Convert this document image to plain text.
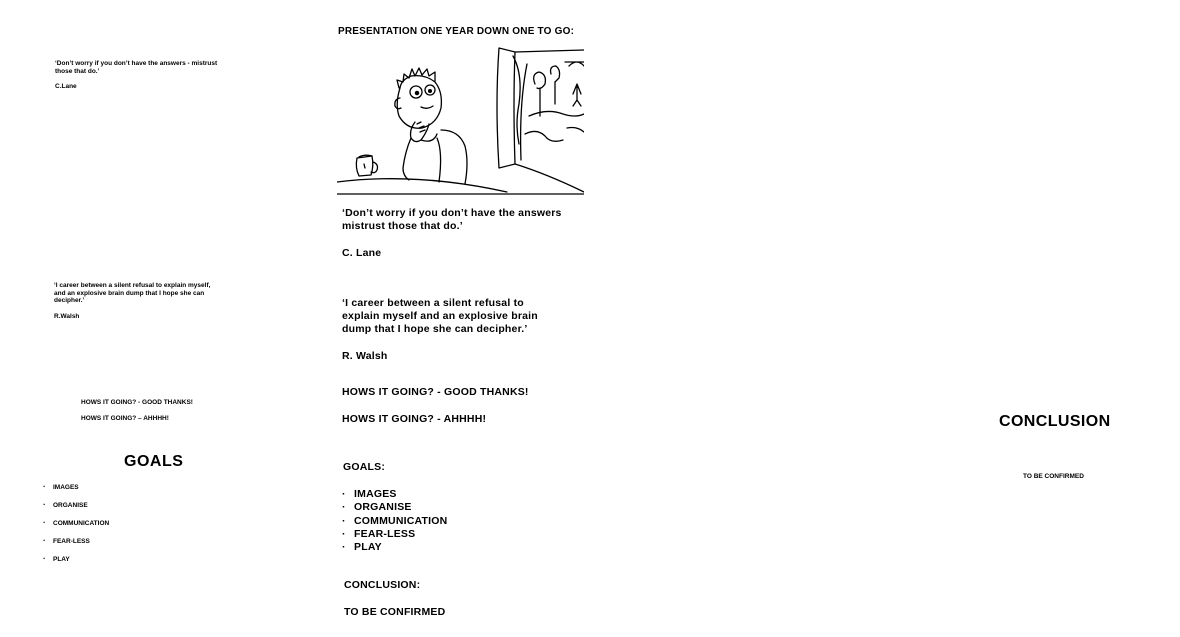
‘Don’t worry if you don’t have the answers - mistrust those that do.’
C.Lane
‘I career between a silent refusal to explain myself, and an explosive brain dump that I hope she can decipher.’
R.Walsh
HOWS IT GOING? - GOOD THANKS!
HOWS IT GOING? – AHHHH!
GOALS
· IMAGES
· ORGANISE
· COMMUNICATION
· FEAR-LESS
· PLAY
PRESENTATION ONE YEAR DOWN ONE TO GO:
‘Don’t worry if you don’t have the answers mistrust those that do.’
C. Lane
‘I career between a silent refusal to explain myself and an explosive brain dump that I hope she can decipher.’
R. Walsh
HOWS IT GOING? - GOOD THANKS!
HOWS IT GOING? - AHHHH!
GOALS:
· IMAGES
· ORGANISE
· COMMUNICATION
· FEAR-LESS
· PLAY
CONCLUSION:
TO BE CONFIRMED
CONCLUSION
TO BE CONFIRMED
